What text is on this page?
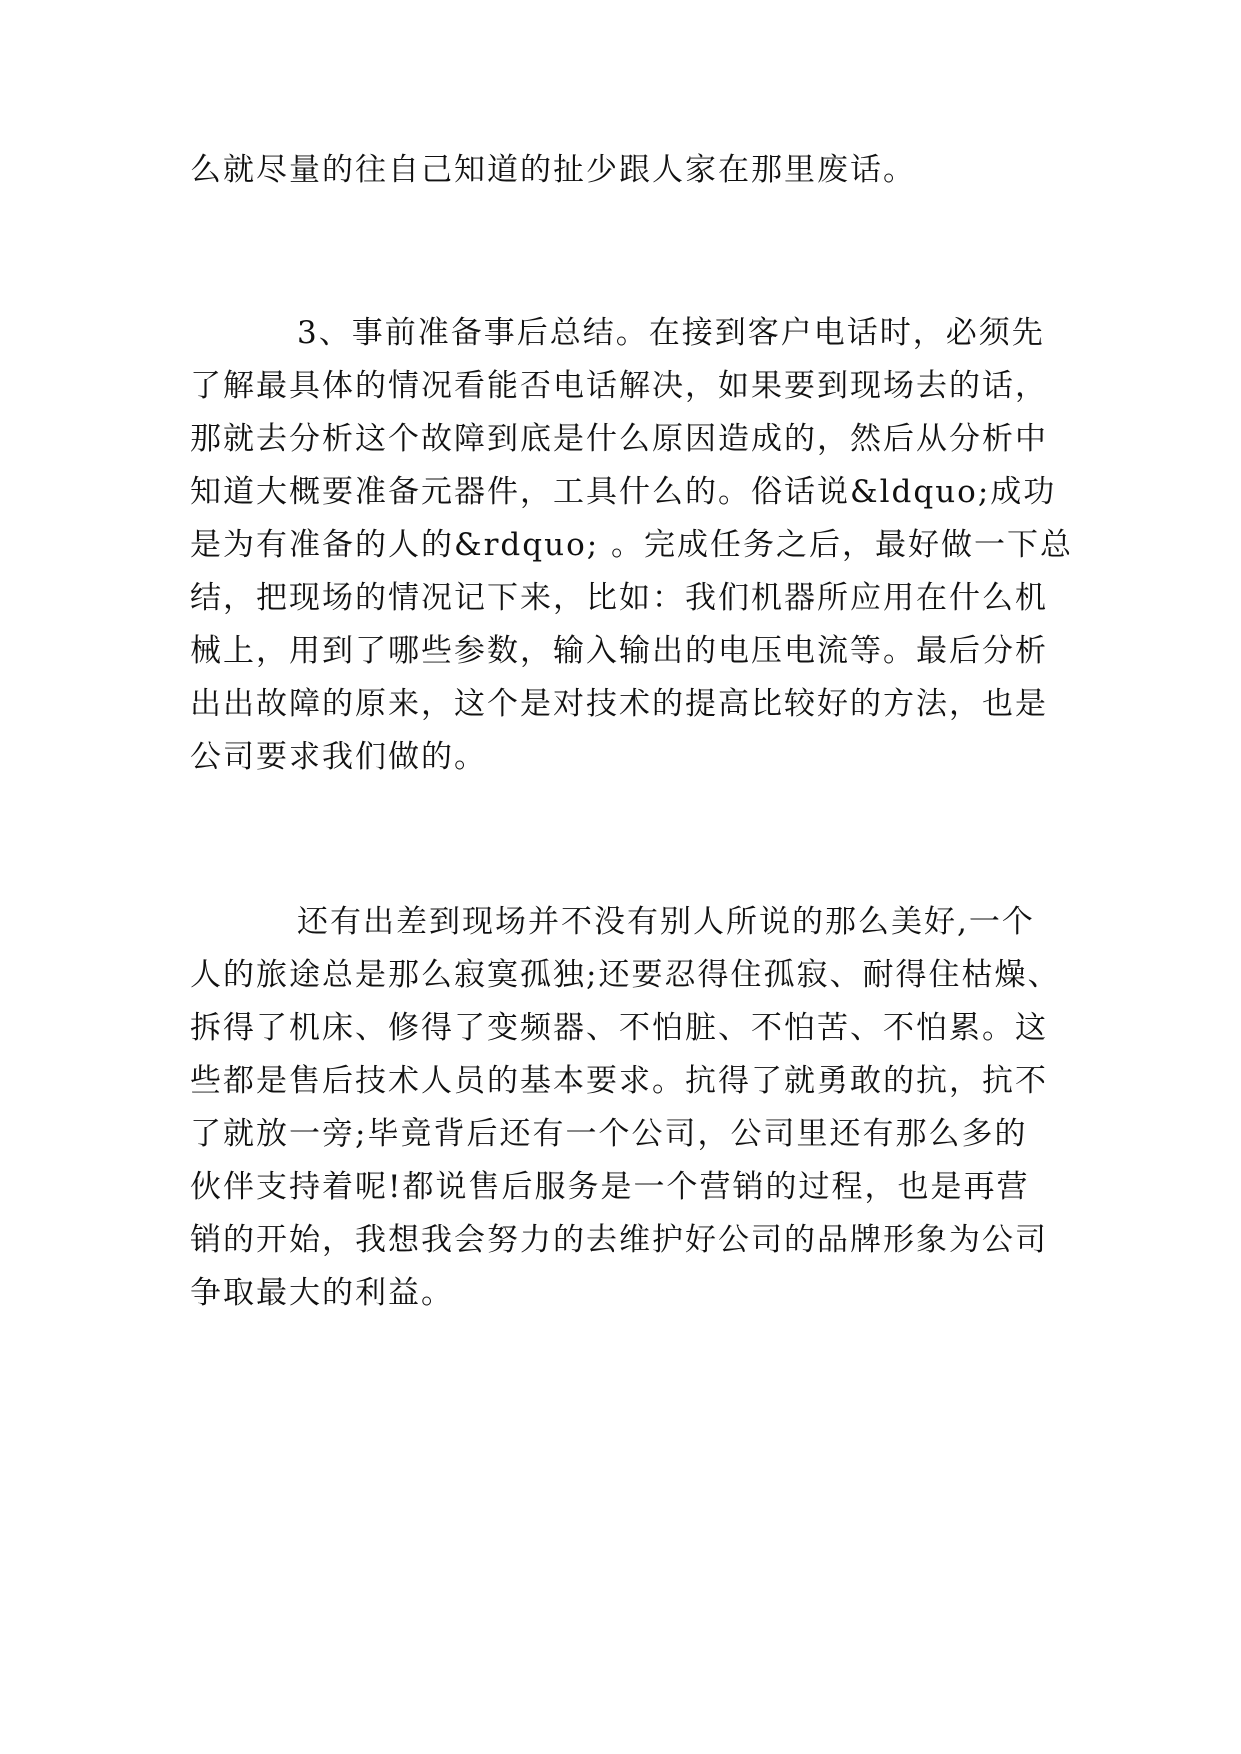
么就尽量的往自己知道的扯少跟人家在那里废话。

3、事前准备事后总结。在接到客户电话时，必须先

了解最具体的情况看能否电话解决，如果要到现场去的话，

那就去分析这个故障到底是什么原因造成的，然后从分析中

知道大概要准备元器件，工具什么的。俗话说&ldquo;成功

是为有准备的人的&rdquo; 。完成任务之后，最好做一下总

结，把现场的情况记下来，比如：我们机器所应用在什么机

械上，用到了哪些参数，输入输出的电压电流等。最后分析

出出故障的原来，这个是对技术的提高比较好的方法，也是

公司要求我们做的。

还有出差到现场并不没有别人所说的那么美好,一个

人的旅途总是那么寂寞孤独;还要忍得住孤寂、耐得住枯燥、

拆得了机床、修得了变频器、不怕脏、不怕苦、不怕累。这

些都是售后技术人员的基本要求。抗得了就勇敢的抗，抗不

了就放一旁;毕竟背后还有一个公司，公司里还有那么多的

伙伴支持着呢!都说售后服务是一个营销的过程，也是再营

销的开始，我想我会努力的去维护好公司的品牌形象为公司

争取最大的利益。
